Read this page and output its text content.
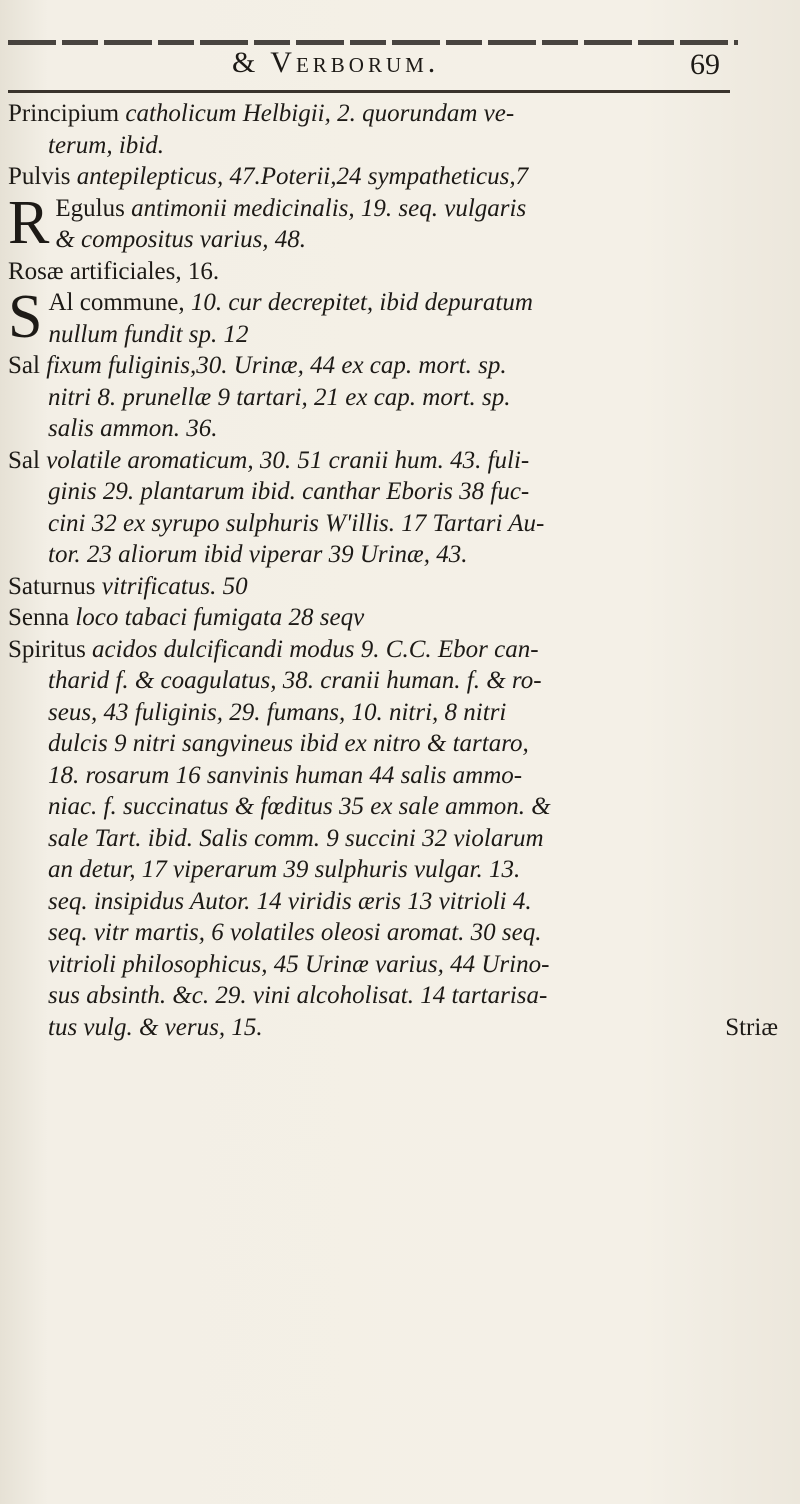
& Verborum.	69
Principium catholicum Helbigii, 2. quorundam ve-
terum, ibid.
Pulvis antepilepticus, 47.Poterii,24 sympatheticus,7
R Egulus antimonii medicinalis, 19. seq. vulgaris
& compositus varius, 48.
Rosæ artificiales, 16.
S Al commune, 10. cur decrepitet, ibid depuratum
nullum fundit sp. 12
Sal fixum fuliginis,30. Urinæ, 44 ex cap. mort. sp.
nitri 8. prunellæ 9 tartari, 21 ex cap. mort. sp.
salis ammon. 36.
Sal volatile aromaticum, 30. 51 cranii hum. 43. fuli-
ginis 29. plantarum ibid. canthar Eboris 38 fuc-
cini 32 ex syrupo sulphuris W'illis. 17 Tartari Au-
tor. 23 aliorum ibid viperar 39 Urinæ, 43.
Saturnus vitrificatus. 50
Senna loco tabaci fumigata 28 seqv
Spiritus acidos dulcificandi modus 9. C.C. Ebor can-
tharid f. & coagulatus, 38. cranii human. f. & ro-
seus, 43 fuliginis, 29. fumans, 10. nitri, 8 nitri
dulcis 9 nitri sangvineus ibid ex nitro & tartaro,
18. rosarum 16 sanvinis human 44 salis ammo-
niac. f. succinatus & fœditus 35 ex sale ammon. &
sale Tart. ibid. Salis comm. 9 succini 32 violarum
an detur, 17 viperarum 39 sulphuris vulgar. 13.
seq. insipidus Autor. 14 viridis æris 13 vitrioli 4.
seq. vitr martis, 6 volatiles oleosi aromat. 30 seq.
vitrioli philosophicus, 45 Urinæ varius, 44 Urino-
sus absinth. &c. 29. vini alcoholisat. 14 tartarisa-
tus vulg. & verus, 15.	Striæ
